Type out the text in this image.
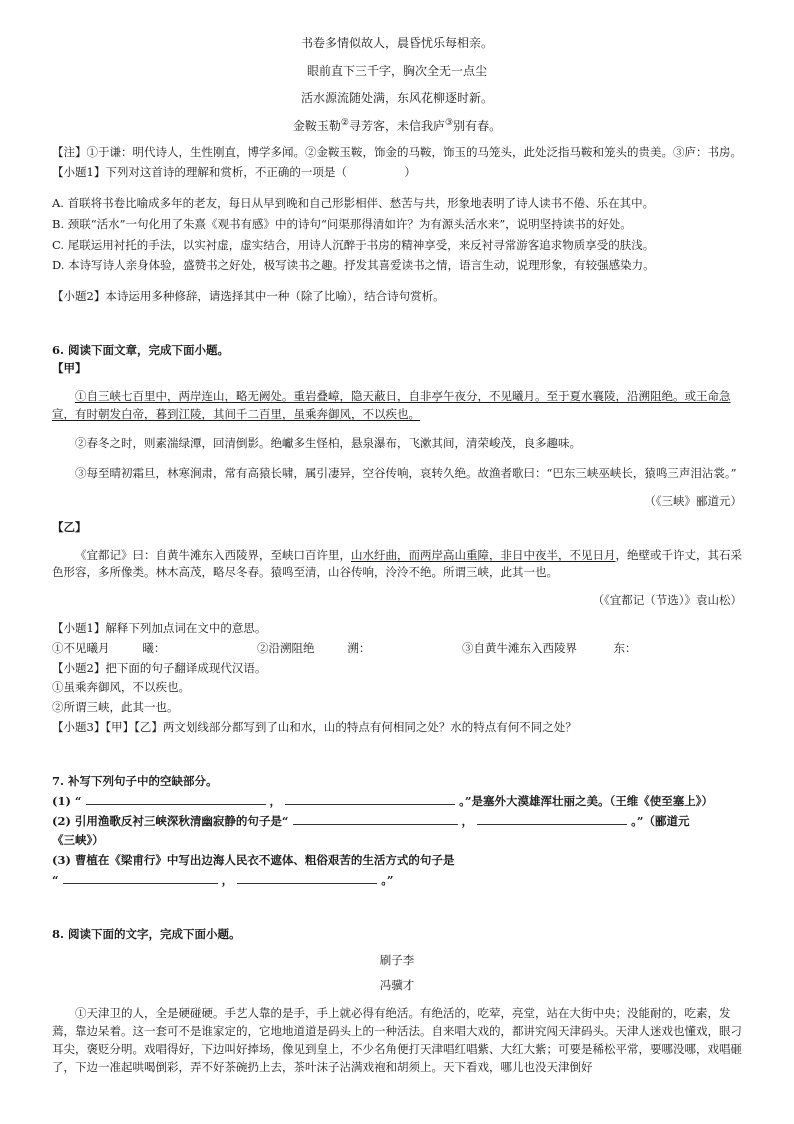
书卷多情似故人，晨昏忧乐每相亲。
眼前直下三千字，胸次全无一点尘
活水源流随处满，东风花柳逐时新。
金鞍玉勒②寻芳客，未信我庐③别有春。
【注】①于谦：明代诗人，生性刚直，博学多闻。②金鞍玉鞍，饰金的马鞍，饰玉的马笼头，此处泛指马鞍和笼头的贵美。③庐：书房。
【小题1】下列对这首诗的理解和赏析，不正确的一项是（　　　　　）
A. 首联将书卷比喻成多年的老友，每日从早到晚和自己形影相伴、愁苦与共，形象地表明了诗人读书不倦、乐在其中。
B. 颈联“活水”一句化用了朱熹《观书有感》中的诗句“问渠那得清如许？为有源头活水来”，说明坚持读书的好处。
C. 尾联运用衬托的手法，以实衬虚，虚实结合，用诗人沉醉于书房的精神享受，来反衬寻常游客追求物质享受的肤浅。
D. 本诗写诗人亲身体验，盛赞书之好处，极写读书之趣。抒发其喜爱读书之情，语言生动，说理形象，有较强感染力。
【小题2】本诗运用多种修辞，请选择其中一种（除了比喻），结合诗句赏析。
6. 阅读下面文章，完成下面小题。
【甲】
①自三峡七百里中，两岸连山，略无阙处。重岩叠嶂，隐天蔽日，自非亭午夜分，不见曦月。至于夏水襄陵，沿溯阻绝。或王命急宣，有时朝发白帝，暮到江陵，其间千二百里，虽乘奔御风，不以疾也。
②春冬之时，则素湍绿潭，回清倒影。绝巘多生怪柏，悬泉瀑布，飞漱其间，清荣峻茂，良多趣味。
③每至晴初霜旦，林寒涧肃，常有高猿长啸，属引凄异，空谷传响，哀转久绝。故渔者歌曰：“巴东三峡巫峡长，猿鸣三声泪沾裳。”
（《三峡》郦道元）
【乙】
《宜都记》曰：自黄牛滩东入西陵界，至峡口百许里，山水纡曲，而两岸高山重障，非日中夜半，不见日月，绝壁或千许丈，其石采色形容，多所像类。林木高茂，略尽冬春。猿鸣至清，山谷传响，泠泠不绝。所谓三峡，此其一也。
（《宜都记（节选）》袁山松）
【小题1】解释下列加点词在文中的意思。
①不见曦月	曦：	②沿溯阻绝	溯：	③自黄牛滩东入西陵界	东：
【小题2】把下面的句子翻译成现代汉语。
①虽乘奔御风，不以疾也。
②所谓三峡，此其一也。
【小题3】【甲】【乙】两文划线部分都写到了山和水，山的特点有何相同之处？水的特点有何不同之处？
7. 补写下列句子中的空缺部分。
(1) “	，	。”是塞外大漠雄浑壮丽之美。（王维《使至塞上》）
(2) 引用渔歌反衬三峡深秋清幽寂静的句子是“	，	。”（郦道元
《三峡》）
(3) 曹植在《梁甫行》中写出边海人民衣不遮体、粗俗艰苦的生活方式的句子是
“	，	。”
8. 阅读下面的文字，完成下面小题。
刷子李
冯骥才
①天津卫的人，全是硬碰硬。手艺人靠的是手，手上就必得有绝活。有绝活的，吃荤，亮堂，站在大街中央；没能耐的，吃素，发蔫，靠边呆着。这一套可不是谁家定的，它地地道道是码头上的一种活法。自来唱大戏的，都讲究闯天津码头。天津人迷戏也懂戏，眼刁耳尖，褒贬分明。戏唱得好，下边叫好捧场，像见到皇上，不少名角便打天津唱红唱紫、大红大紫；可要是稀松平常，要哪没哪，戏唱砸了，下边一准起哄喝倒彩，弄不好茶碗扔上去，茶叶沫子沾满戏袍和胡须上。天下看戏，哪儿也没天津倒好
